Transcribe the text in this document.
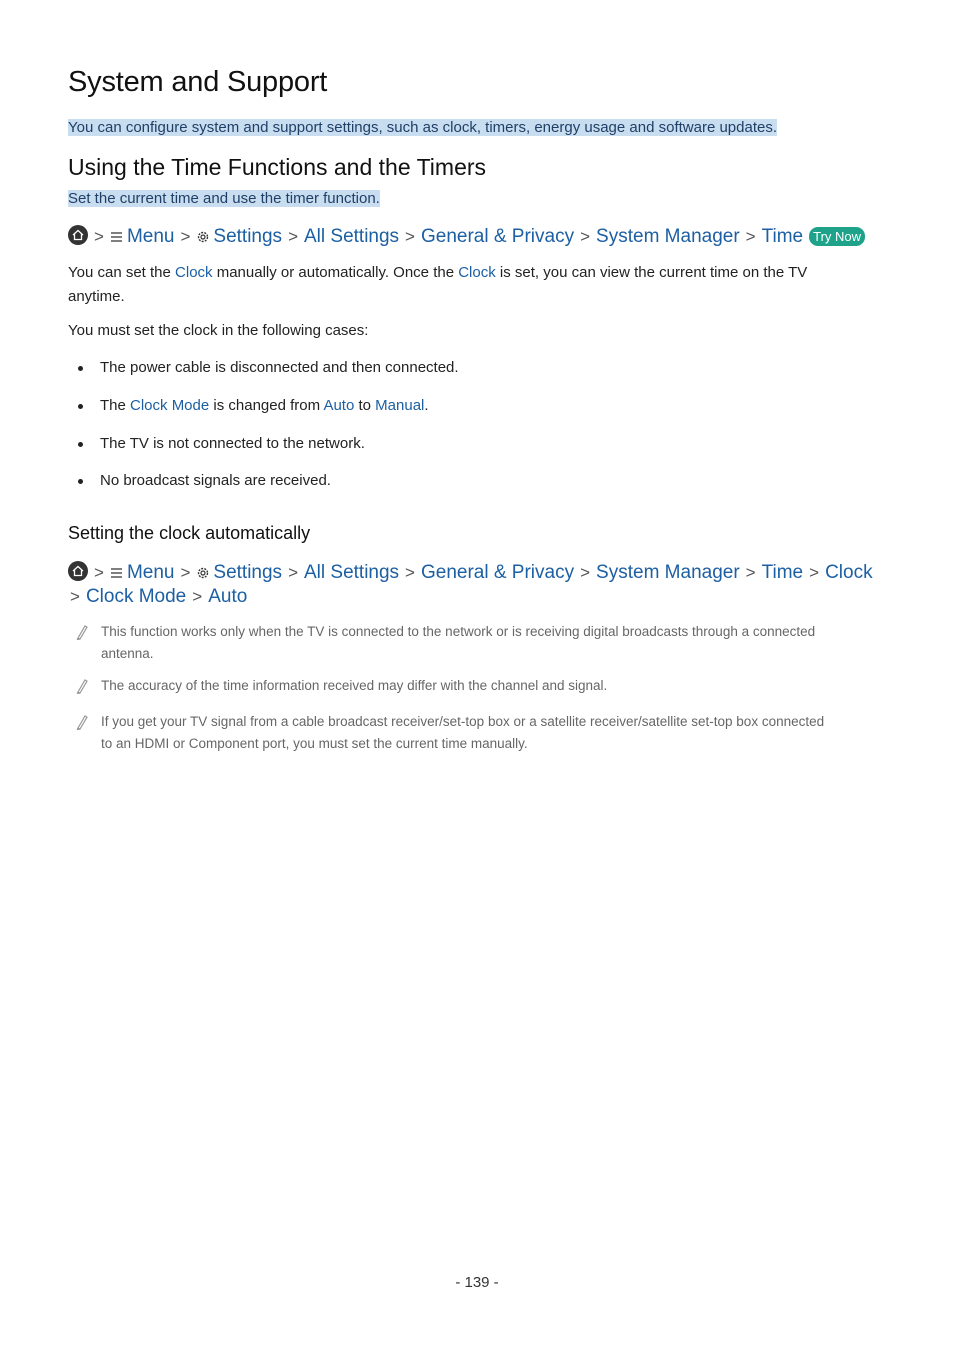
System and Support
You can configure system and support settings, such as clock, timers, energy usage and software updates.
Using the Time Functions and the Timers
Set the current time and use the timer function.
> Menu > Settings > All Settings > General & Privacy > System Manager > Time Try Now
You can set the Clock manually or automatically. Once the Clock is set, you can view the current time on the TV
anytime.
You must set the clock in the following cases:
The power cable is disconnected and then connected.
The Clock Mode is changed from Auto to Manual.
The TV is not connected to the network.
No broadcast signals are received.
Setting the clock automatically
> Menu > Settings > All Settings > General & Privacy > System Manager > Time > Clock
> Clock Mode > Auto
This function works only when the TV is connected to the network or is receiving digital broadcasts through a connected
antenna.
The accuracy of the time information received may differ with the channel and signal.
If you get your TV signal from a cable broadcast receiver/set-top box or a satellite receiver/satellite set-top box connected
to an HDMI or Component port, you must set the current time manually.
- 139 -
